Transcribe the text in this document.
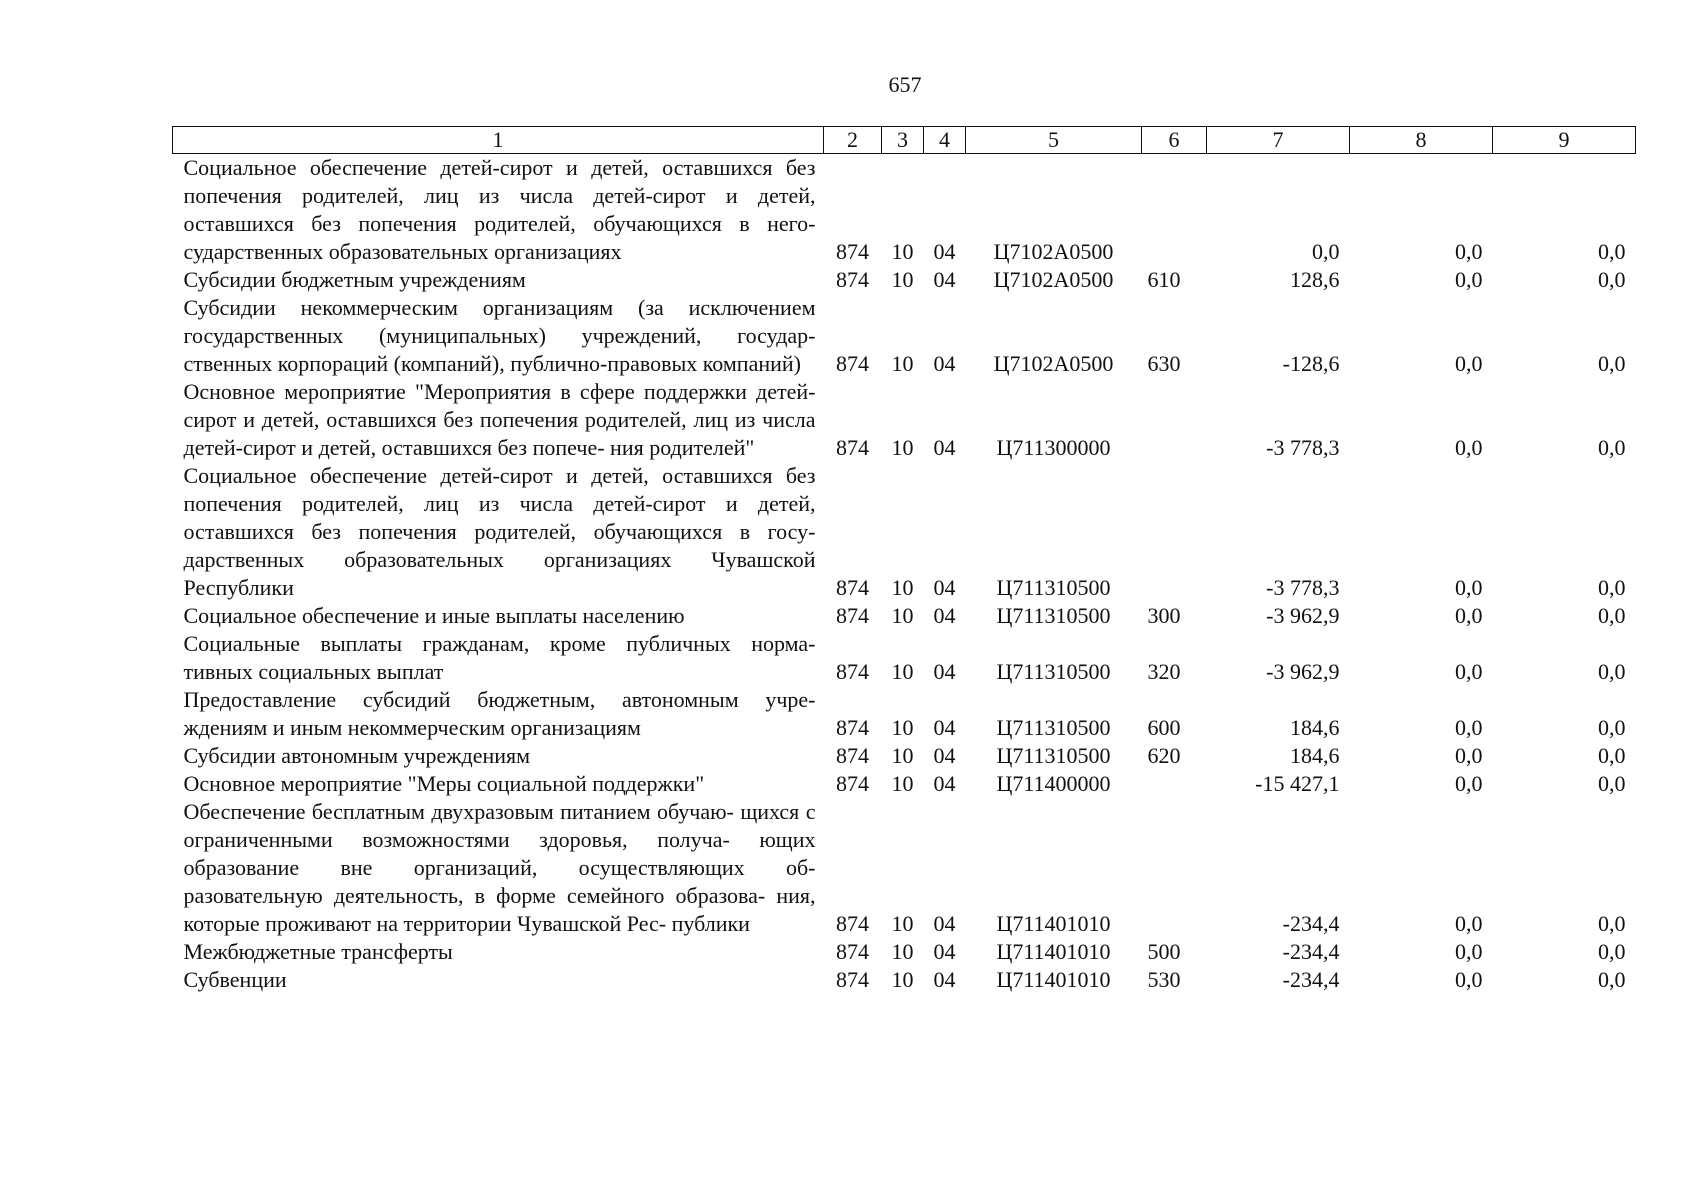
657
1	2	3	4	5	6	7	8	9
Социальное обеспечение детей-сирот и детей, оставшихся без попечения родителей, лиц из числа детей-сирот и детей, оставшихся без попечения родителей, обучающихся в него- сударственных образовательных организациях	874	10	04	Ц7102А0500		0,0	0,0	0,0
Субсидии бюджетным учреждениям	874	10	04	Ц7102А0500	610	128,6	0,0	0,0
Субсидии некоммерческим организациям (за исключением государственных (муниципальных) учреждений, государ- ственных корпораций (компаний), публично-правовых компаний)	874	10	04	Ц7102А0500	630	-128,6	0,0	0,0
Основное мероприятие "Мероприятия в сфере поддержки детей-сирот и детей, оставшихся без попечения родителей, лиц из числа детей-сирот и детей, оставшихся без попече- ния родителей"	874	10	04	Ц711300000		-3 778,3	0,0	0,0
Социальное обеспечение детей-сирот и детей, оставшихся без попечения родителей, лиц из числа детей-сирот и детей, оставшихся без попечения родителей, обучающихся в госу- дарственных образовательных организациях Чувашской Республики	874	10	04	Ц711310500		-3 778,3	0,0	0,0
Социальное обеспечение и иные выплаты населению	874	10	04	Ц711310500	300	-3 962,9	0,0	0,0
Социальные выплаты гражданам, кроме публичных норма- тивных социальных выплат	874	10	04	Ц711310500	320	-3 962,9	0,0	0,0
Предоставление субсидий бюджетным, автономным учре- ждениям и иным некоммерческим организациям	874	10	04	Ц711310500	600	184,6	0,0	0,0
Субсидии автономным учреждениям	874	10	04	Ц711310500	620	184,6	0,0	0,0
Основное мероприятие "Меры социальной поддержки"	874	10	04	Ц711400000		-15 427,1	0,0	0,0
Обеспечение бесплатным двухразовым питанием обучаю- щихся с ограниченными возможностями здоровья, получа- ющих образование вне организаций, осуществляющих об- разовательную деятельность, в форме семейного образова- ния, которые проживают на территории Чувашской Рес- публики	874	10	04	Ц711401010		-234,4	0,0	0,0
Межбюджетные трансферты	874	10	04	Ц711401010	500	-234,4	0,0	0,0
Субвенции	874	10	04	Ц711401010	530	-234,4	0,0	0,0
